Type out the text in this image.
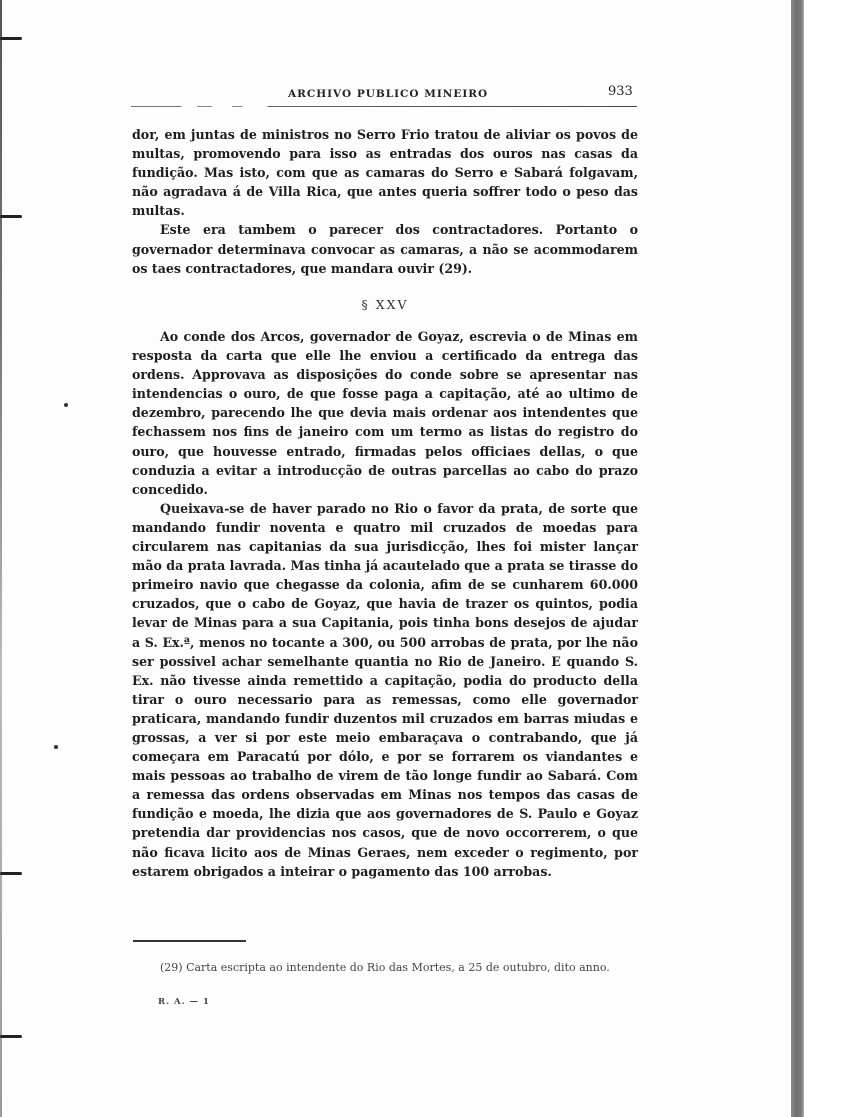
ARCHIVO PUBLICO MINEIRO	933

dor, em juntas de ministros no Serro Frio tratou de aliviar os povos de multas, promovendo para isso as entradas dos ouros nas casas da fundição. Mas isto, com que as camaras do Serro e Sabará folgavam, não agradava á de Villa Rica, que antes queria soffrer todo o peso das multas.

Este era tambem o parecer dos contractadores. Portanto o governador determinava convocar as camaras, a não se acommodarem os taes contractadores, que mandara ouvir (29).

§ XXV

Ao conde dos Arcos, governador de Goyaz, escrevia o de Minas em resposta da carta que elle lhe enviou a certificado da entrega das ordens. Approvava as disposições do conde sobre se apresentar nas intendencias o ouro, de que fosse paga a capitação, até ao ultimo de dezembro, parecendo lhe que devia mais ordenar aos intendentes que fechassem nos fins de janeiro com um termo as listas do registro do ouro, que houvesse entrado, firmadas pelos officiaes dellas, o que conduzia a evitar a introducção de outras parcellas ao cabo do prazo concedido.

Queixava-se de haver parado no Rio o favor da prata, de sorte que mandando fundir noventa e quatro mil cruzados de moedas para circularem nas capitanias da sua jurisdicção, lhes foi mister lançar mão da prata lavrada. Mas tinha já acautelado que a prata se tirasse do primeiro navio que chegasse da colonia, afim de se cunharem 60.000 cruzados, que o cabo de Goyaz, que havia de trazer os quintos, podia levar de Minas para a sua Capitania, pois tinha bons desejos de ajudar a S. Ex.ª, menos no tocante a 300, ou 500 arrobas de prata, por lhe não ser possivel achar semelhante quantia no Rio de Janeiro. E quando S. Ex. não tivesse ainda remettido a capitação, podia do producto della tirar o ouro necessario para as remessas, como elle governador praticara, mandando fundir duzentos mil cruzados em barras miudas e grossas, a ver si por este meio embaraçava o contrabando, que já começara em Paracatú por dólo, e por se forrarem os viandantes e mais pessoas ao trabalho de virem de tão longe fundir ao Sabará. Com a remessa das ordens observadas em Minas nos tempos das casas de fundição e moeda, lhe dizia que aos governadores de S. Paulo e Goyaz pretendia dar providencias nos casos, que de novo occorrerem, o que não ficava licito aos de Minas Geraes, nem exceder o regimento, por estarem obrigados a inteirar o pagamento das 100 arrobas.

(29) Carta escripta ao intendente do Rio das Mortes, a 25 de outubro, dito anno.

R. A. — 1
